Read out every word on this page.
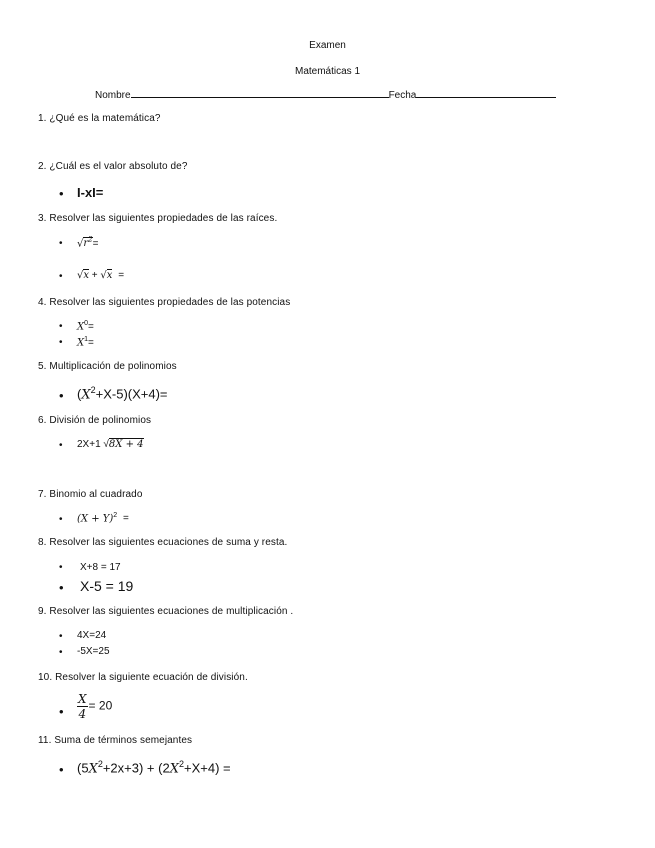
Examen
Matemáticas 1
Nombre	Fecha
1. ¿Qué es la matemática?
2. ¿Cuál es el valor absoluto de?
• I-xI=
3. Resolver las siguientes propiedades de las raíces.
• $√r^2=$
• √x + √x =
4. Resolver las siguientes propiedades de las potencias
• $X^0=$
• $X^1=$
5. Multiplicación de polinomios
• $(X^2+X-5)(X+4)=$
6. División de polinomios
• 2X+1 √8X + 4
7. Binomio al cuadrado
• $(X + Y)^2$ =
8. Resolver las siguientes ecuaciones de suma y resta.
• X+8 = 17
• X-5 = 19
9. Resolver las siguientes ecuaciones de multiplicación .
• 4X=24
• -5X=25
10. Resolver la siguiente ecuación de división.
• $\frac{X}{4} = 20$
11. Suma de términos semejantes
• $(5X^2+2x+3) + (2X^2+X+4)$ =
